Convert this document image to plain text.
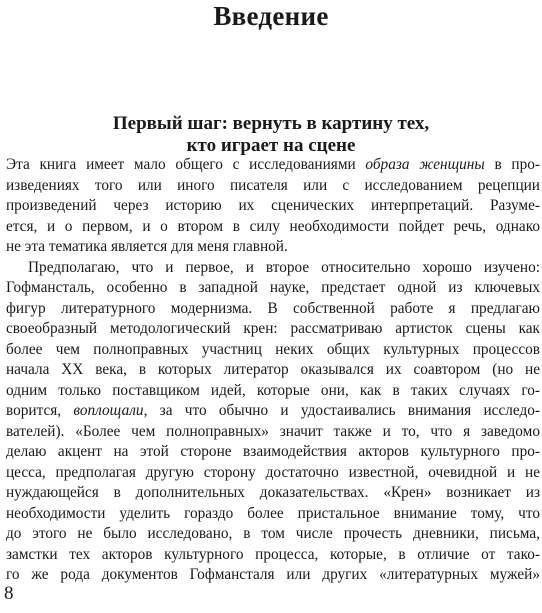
Введение
Первый шаг: вернуть в картину тех,
кто играет на сцене
Эта книга имеет мало общего с исследованиями образа женщины в про-
изведениях того или иного писателя или с исследованием рецепции
произведений через историю их сценических интерпретаций. Разуме-
ется, и о первом, и о втором в силу необходимости пойдет речь, однако
не эта тематика является для меня главной.
Предполагаю, что и первое, и второе относительно хорошо изучено:
Гофмансталь, особенно в западной науке, предстает одной из ключевых
фигур литературного модернизма. В собственной работе я предлагаю
своеобразный методологический крен: рассматриваю артисток сцены как
более чем полноправных участниц неких общих культурных процессов
начала XX века, в которых литератор оказывался их соавтором (но не
одним только поставщиком идей, которые они, как в таких случаях го-
ворится, воплощали, за что обычно и удостаивались внимания исследо-
вателей). «Более чем полноправных» значит также и то, что я заведомо
делаю акцент на этой стороне взаимодействия акторов культурного про-
цесса, предполагая другую сторону достаточно известной, очевидной и не
нуждающейся в дополнительных доказательствах. «Крен» возникает из
необходимости уделить гораздо более пристальное внимание тому, что
до этого не было исследовано, в том числе прочесть дневники, письма,
замстки тех акторов культурного процесса, которые, в отличие от тако-
го же рода документов Гофмансталя или других «литературных мужей»
8
